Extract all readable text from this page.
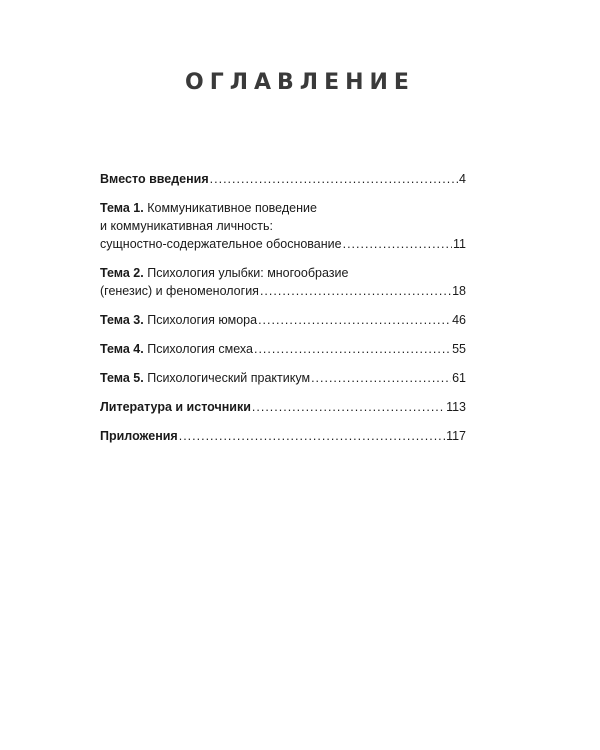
ОГЛАВЛЕНИЕ
Вместо введения .....	4
Тема 1. Коммуникативное поведение
и коммуникативная личность:
сущностно-содержательное обоснование .....	11
Тема 2. Психология улыбки: многообразие
(генезис) и феноменология .....	18
Тема 3. Психология юмора .....	46
Тема 4. Психология смеха .....	55
Тема 5. Психологический практикум .....	61
Литература и источники .....	113
Приложения .....	117
